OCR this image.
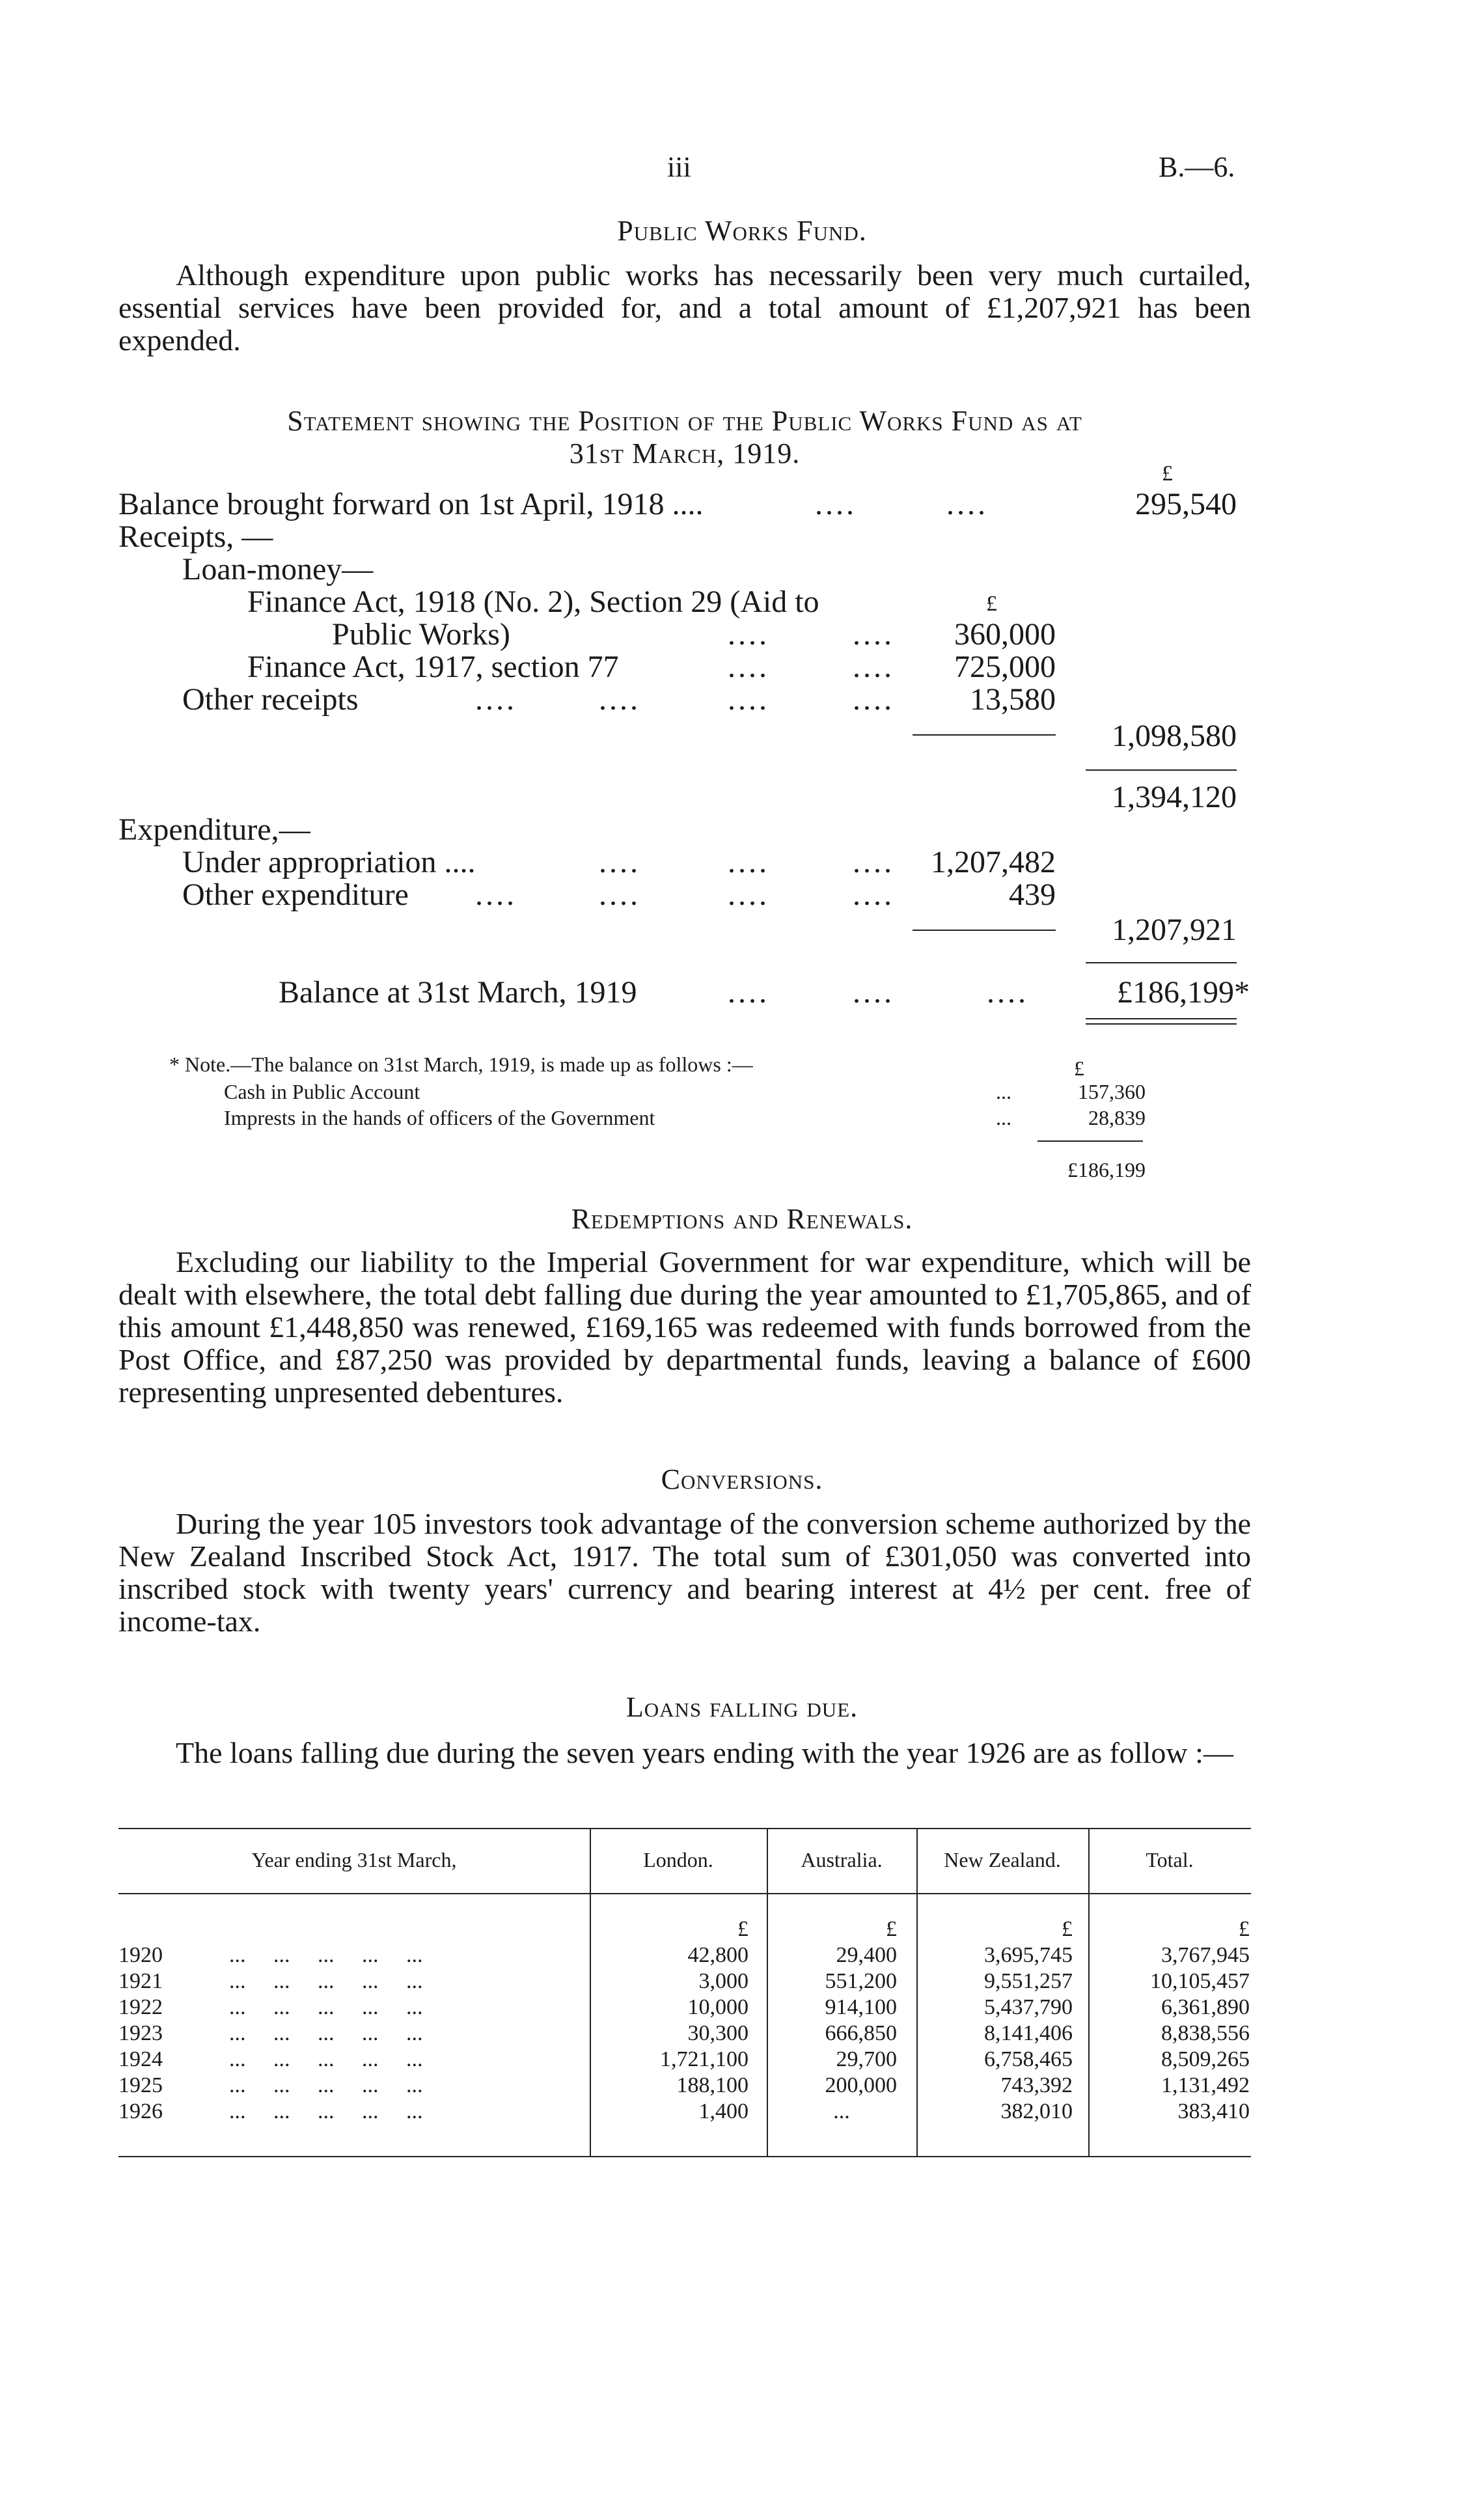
iii	B.—6.
Public Works Fund.

Although expenditure upon public works has necessarily been very much curtailed, essential services have been provided for, and a total amount of £1,207,921 has been expended.

Statement showing the Position of the Public Works Fund as at
31st March, 1919.
£
Balance brought forward on 1st April, 1918 ....	....	....	295,540
Receipts, —
Loan-money—
Finance Act, 1918 (No. 2), Section 29 (Aid to	£
Public Works)	....	....	360,000
Finance Act, 1917, section 77	....	....	725,000
Other receipts	....	....	....	....	13,580
1,098,580
1,394,120
Expenditure,—
Under appropriation ....	....	....	....	1,207,482
Other expenditure ....	....	....	....	439
1,207,921
Balance at 31st March, 1919	....	....	....	£186,199*
* Note.—The balance on 31st March, 1919, is made up as follows :—	£
Cash in Public Account	...	157,360
Imprests in the hands of officers of the Government	...	28,839
£186,199
Redemptions and Renewals.

Excluding our liability to the Imperial Government for war expenditure, which will be dealt with elsewhere, the total debt falling due during the year amounted to £1,705,865, and of this amount £1,448,850 was renewed, £169,165 was redeemed with funds borrowed from the Post Office, and £87,250 was provided by departmental funds, leaving a balance of £600 representing unpresented debentures.

Conversions.

During the year 105 investors took advantage of the conversion scheme authorized by the New Zealand Inscribed Stock Act, 1917. The total sum of £301,050 was converted into inscribed stock with twenty years' currency and bearing interest at 4½ per cent. free of income-tax.

Loans falling due.

The loans falling due during the seven years ending with the year 1926 are as follow :—

Year ending 31st March,	London.	Australia.	New Zealand.	Total.
£	£	£	£
1920	...     ...     ...     ...     ...	42,800	29,400	3,695,745	3,767,945
1921	...     ...     ...     ...     ...	3,000	551,200	9,551,257	10,105,457
1922	...     ...     ...     ...     ...	10,000	914,100	5,437,790	6,361,890
1923	...     ...     ...     ...     ...	30,300	666,850	8,141,406	8,838,556
1924	...     ...     ...     ...     ...	1,721,100	29,700	6,758,465	8,509,265
1925	...     ...     ...     ...     ...	188,100	200,000	743,392	1,131,492
1926	...     ...     ...     ...     ...	1,400	...	382,010	383,410
